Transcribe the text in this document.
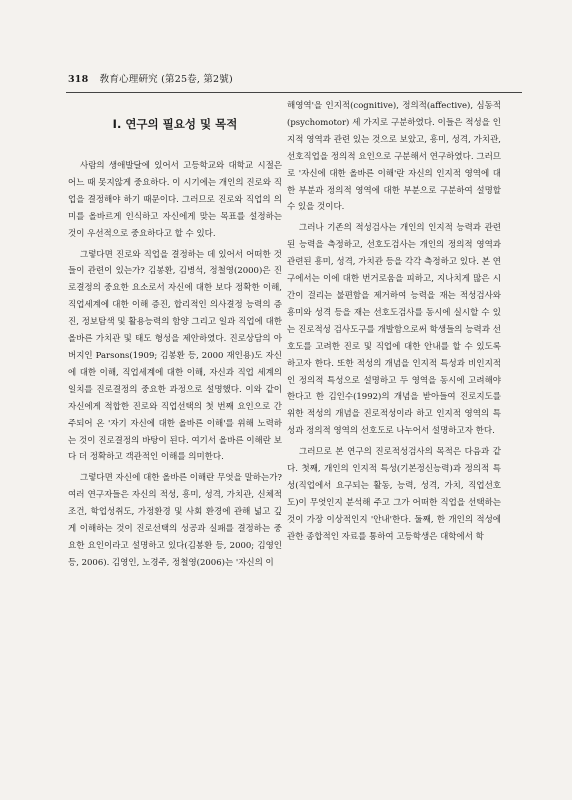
318 敎育心理硏究 (第25卷, 第2號)
Ⅰ. 연구의 필요성 및 목적

사람의 생애발달에 있어서 고등학교와 대학교 시절은 어느 때 못지않게 중요하다. 이 시기에는 개인의 진로와 직업을 결정해야 하기 때문이다. 그러므로 진로와 직업의 의미를 올바르게 인식하고 자신에게 맞는 목표를 설정하는 것이 우선적으로 중요하다고 할 수 있다.

그렇다면 진로와 직업을 결정하는 데 있어서 어떠한 것들이 관련이 있는가? 김봉환, 김병석, 정철영(2000)은 진로결정의 중요한 요소로서 자신에 대한 보다 정확한 이해, 직업세계에 대한 이해 증진, 합리적인 의사결정 능력의 증진, 정보탐색 및 활용능력의 함양 그리고 일과 직업에 대한 올바른 가치관 및 태도 형성을 제안하였다. 진로상담의 아버지인 Parsons(1909; 김봉환 등, 2000 재인용)도 자신에 대한 이해, 직업세계에 대한 이해, 자신과 직업 세계의 일치를 진로결정의 중요한 과정으로 설명했다. 이와 같이 자신에게 적합한 진로와 직업선택의 첫 번째 요인으로 간주되어 온 '자기 자신에 대한 올바른 이해'를 위해 노력하는 것이 진로결정의 바탕이 된다. 여기서 올바른 이해란 보다 더 정확하고 객관적인 이해를 의미한다.

그렇다면 자신에 대한 올바른 이해란 무엇을 말하는가? 여러 연구자들은 자신의 적성, 흥미, 성격, 가치관, 신체적 조건, 학업성취도, 가정환경 및 사회 환경에 관해 넓고 깊게 이해하는 것이 진로선택의 성공과 실패를 결정하는 중요한 요인이라고 설명하고 있다(김봉환 등, 2000; 김영인 등, 2006). 김영인, 노경주, 정철영(2006)는 '자신의 이

해영역'을 인지적(cognitive), 정의적(affective), 심동적(psychomotor) 세 가지로 구분하였다. 이들은 적성을 인지적 영역과 관련 있는 것으로 보았고, 흥미, 성격, 가치관, 선호직업을 정의적 요인으로 구분해서 연구하였다. 그러므로 '자신에 대한 올바른 이해'란 자신의 인지적 영역에 대한 부분과 정의적 영역에 대한 부분으로 구분하여 설명할 수 있을 것이다.

그러나 기존의 적성검사는 개인의 인지적 능력과 관련된 능력을 측정하고, 선호도검사는 개인의 정의적 영역과 관련된 흥미, 성격, 가치관 등을 각각 측정하고 있다. 본 연구에서는 이에 대한 번거로움을 피하고, 지나치게 많은 시간이 걸리는 불편함을 제거하여 능력을 재는 적성검사와 흥미와 성격 등을 재는 선호도검사를 동시에 실시할 수 있는 진로적성 검사도구를 개발함으로써 학생들의 능력과 선호도를 고려한 진로 및 직업에 대한 안내를 할 수 있도록 하고자 한다. 또한 적성의 개념을 인지적 특성과 비인지적인 정의적 특성으로 설명하고 두 영역을 동시에 고려해야 한다고 한 김인수(1992)의 개념을 받아들여 진로지도를 위한 적성의 개념을 진로적성이라 하고 인지적 영역의 특성과 정의적 영역의 선호도로 나누어서 설명하고자 한다.

그러므로 본 연구의 진로적성검사의 목적은 다음과 같다. 첫째, 개인의 인지적 특성(기본정신능력)과 정의적 특성(직업에서 요구되는 활동, 능력, 성격, 가치, 직업선호도)이 무엇인지 분석해 주고 그가 어떠한 직업을 선택하는 것이 가장 이상적인지 '안내'한다. 둘째, 한 개인의 적성에 관한 종합적인 자료를 통하여 고등학생은 대학에서 학
